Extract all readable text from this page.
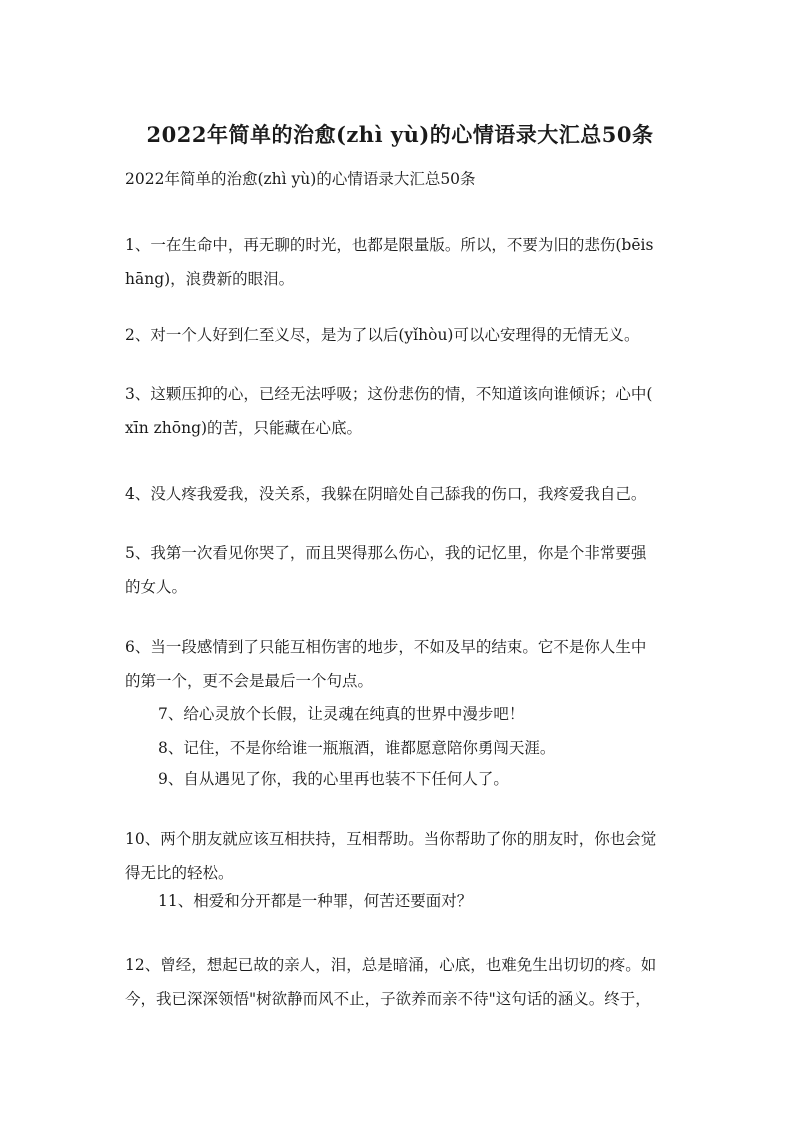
2022年简单的治愈(zhì yù)的心情语录大汇总50条
2022年简单的治愈(zhì yù)的心情语录大汇总50条
1、一在生命中，再无聊的时光，也都是限量版。所以，不要为旧的悲伤(bēis
hāng)，浪费新的眼泪。
2、对一个人好到仁至义尽，是为了以后(yǐhòu)可以心安理得的无情无义。
3、这颗压抑的心，已经无法呼吸；这份悲伤的情，不知道该向谁倾诉；心中(
xīn zhōng)的苦，只能藏在心底。
4、没人疼我爱我，没关系，我躲在阴暗处自己舔我的伤口，我疼爱我自己。
5、我第一次看见你哭了，而且哭得那么伤心，我的记忆里，你是个非常要强
的女人。
6、当一段感情到了只能互相伤害的地步，不如及早的结束。它不是你人生中
的第一个，更不会是最后一个句点。
7、给心灵放个长假，让灵魂在纯真的世界中漫步吧！
8、记住，不是你给谁一瓶瓶酒，谁都愿意陪你勇闯天涯。
9、自从遇见了你，我的心里再也装不下任何人了。
10、两个朋友就应该互相扶持，互相帮助。当你帮助了你的朋友时，你也会觉
得无比的轻松。
11、相爱和分开都是一种罪，何苦还要面对？
12、曾经，想起已故的亲人，泪，总是暗涌，心底，也难免生出切切的疼。如
今，我已深深领悟"树欲静而风不止，子欲养而亲不待"这句话的涵义。终于，
